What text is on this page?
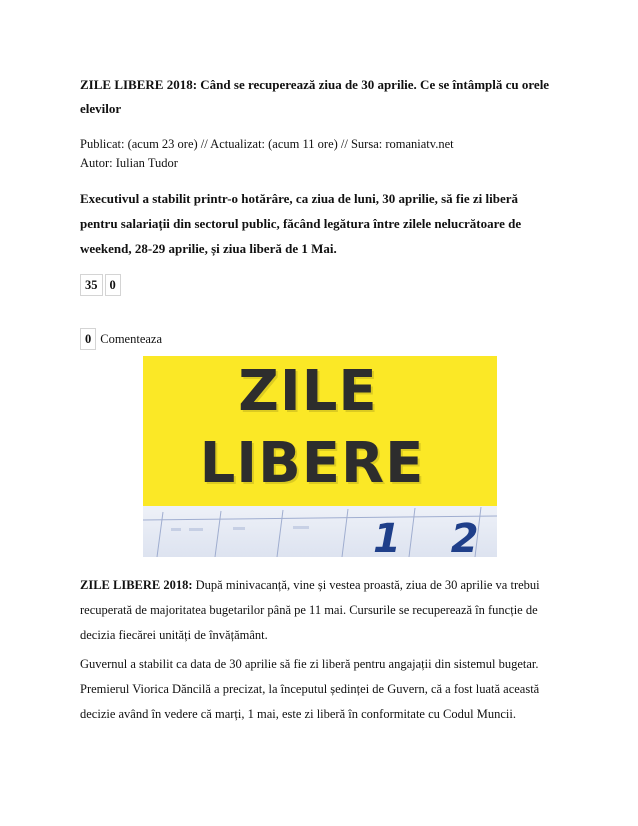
ZILE LIBERE 2018: Când se recuperează ziua de 30 aprilie. Ce se întâmplă cu orele elevilor
Publicat: (acum 23 ore) // Actualizat: (acum 11 ore) // Sursa: romaniatv.net
Autor: Iulian Tudor

Executivul a stabilit printr-o hotărâre, ca ziua de luni, 30 aprilie, să fie zi liberă pentru salariații din sectorul public, făcând legătura între zilele nelucrătoare de weekend, 28-29 aprilie, și ziua liberă de 1 Mai.

35 0
0 Comenteaza
ZILE
LIBERE
1 2

ZILE LIBERE 2018: După minivacanță, vine și vestea proastă, ziua de 30 aprilie va trebui recuperată de majoritatea bugetarilor până pe 11 mai. Cursurile se recuperează în funcție de decizia fiecărei unități de învățământ.

Guvernul a stabilit ca data de 30 aprilie să fie zi liberă pentru angajații din sistemul bugetar. Premierul Viorica Dăncilă a precizat, la începutul ședinței de Guvern, că a fost luată această decizie având în vedere că marți, 1 mai, este zi liberă în conformitate cu Codul Muncii.
